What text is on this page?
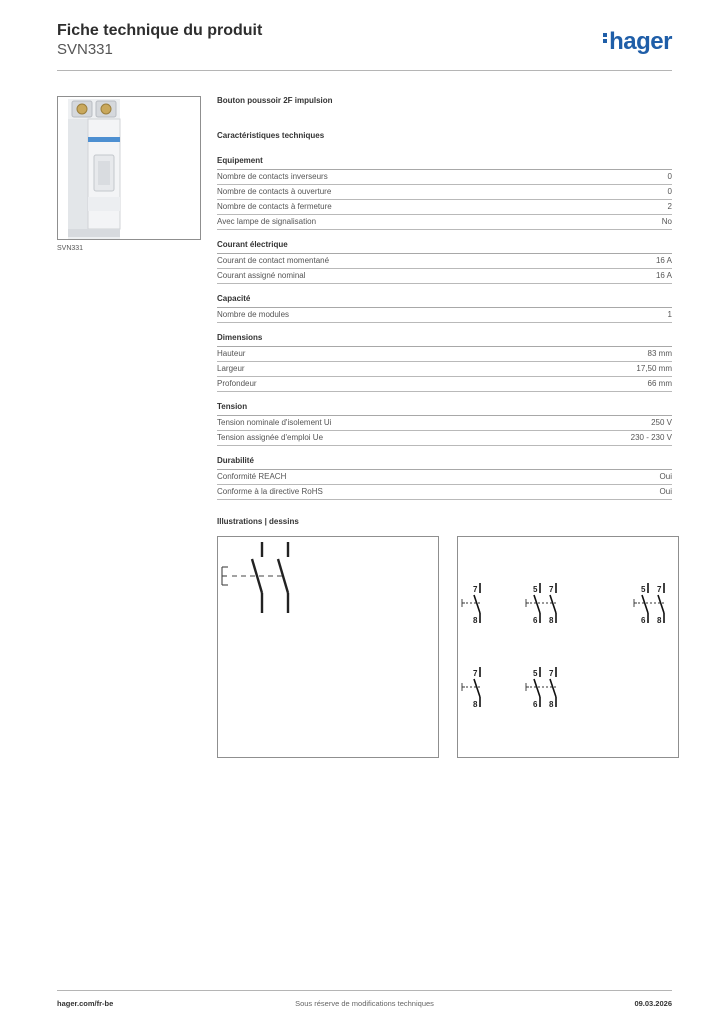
Fiche technique du produit
SVN331	hager
SVN331
Bouton poussoir 2F impulsion
Caractéristiques techniques
Equipement
Nombre de contacts inverseurs	0
Nombre de contacts à ouverture	0
Nombre de contacts à fermeture	2
Avec lampe de signalisation	No
Courant électrique
Courant de contact momentané	16 A
Courant assigné nominal	16 A
Capacité
Nombre de modules	1
Dimensions
Hauteur	83 mm
Largeur	17,50 mm
Profondeur	66 mm
Tension
Tension nominale d'isolement Ui	250 V
Tension assignée d'emploi Ue	230 - 230 V
Durabilité
Conformité REACH	Oui
Conforme à la directive RoHS	Oui
Illustrations | dessins
7
8
5
6
7
8
5
6
7
8
7
8
5
6
7
8
hager.com/fr-be	Sous réserve de modifications techniques	09.03.2026
